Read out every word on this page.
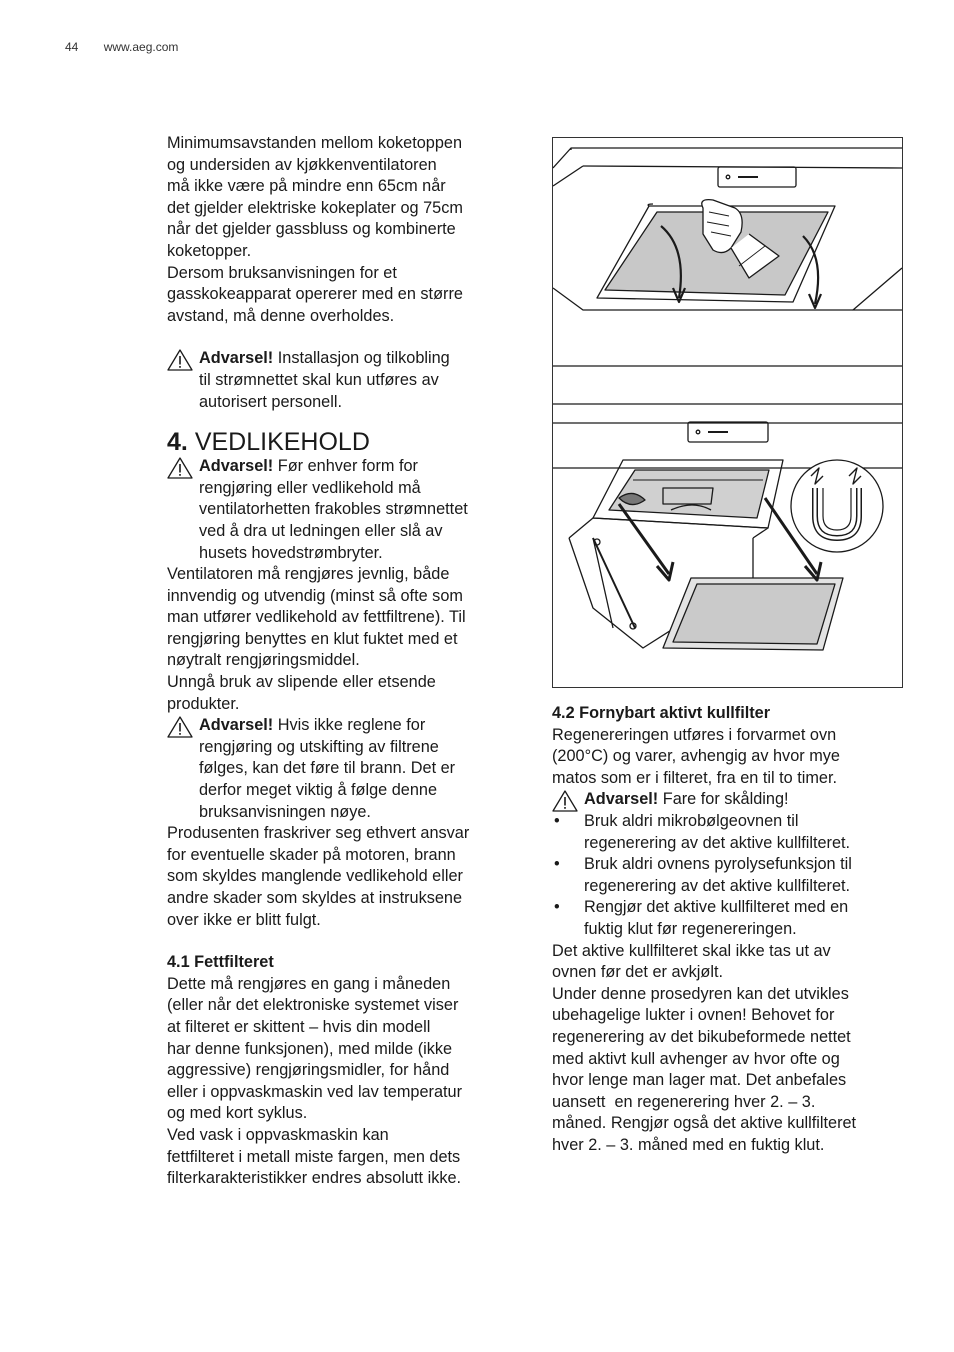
44 www.aeg.com

Minimumsavstanden mellom koketoppen
og undersiden av kjøkkenventilatoren
må ikke være på mindre enn 65cm når
det gjelder elektriske kokeplater og 75cm
når det gjelder gassbluss og kombinerte
koketopper.
Dersom bruksanvisningen for et
gasskokeapparat opererer med en større
avstand, må denne overholdes.

Advarsel! Installasjon og tilkobling
til strømnettet skal kun utføres av
autorisert personell.
4. VEDLIKEHOLD
Advarsel! Før enhver form for
rengjøring eller vedlikehold må
ventilatorhetten frakobles strømnettet
ved å dra ut ledningen eller slå av
husets hovedstrømbryter.

Ventilatoren må rengjøres jevnlig, både
innvendig og utvendig (minst så ofte som
man utfører vedlikehold av fettfiltrene). Til
rengjøring benyttes en klut fuktet med et
nøytralt rengjøringsmiddel.
Unngå bruk av slipende eller etsende
produkter.

Advarsel! Hvis ikke reglene for
rengjøring og utskifting av filtrene
følges, kan det føre til brann. Det er
derfor meget viktig å følge denne
bruksanvisningen nøye.

Produsenten fraskriver seg ethvert ansvar
for eventuelle skader på motoren, brann
som skyldes manglende vedlikehold eller
andre skader som skyldes at instruksene
over ikke er blitt fulgt.

4.1 Fettfilteret

Dette må rengjøres en gang i måneden
(eller når det elektroniske systemet viser
at filteret er skittent – hvis din modell
har denne funksjonen), med milde (ikke
aggressive) rengjøringsmidler, for hånd
eller i oppvaskmaskin ved lav temperatur
og med kort syklus.
Ved vask i oppvaskmaskin kan
fettfilteret i metall miste fargen, men dets
filterkarakteristikker endres absolutt ikke.

4.2 Fornybart aktivt kullfilter

Regenereringen utføres i forvarmet ovn
(200°C) og varer, avhengig av hvor mye
matos som er i filteret, fra en til to timer.

Advarsel! Fare for skålding!
• Bruk aldri mikrobølgeovnen til
regenerering av det aktive kullfilteret.
• Bruk aldri ovnens pyrolysefunksjon til
regenerering av det aktive kullfilteret.
• Rengjør det aktive kullfilteret med en
fuktig klut før regenereringen.

Det aktive kullfilteret skal ikke tas ut av
ovnen før det er avkjølt.
Under denne prosedyren kan det utvikles
ubehagelige lukter i ovnen! Behovet for
regenerering av det bikubeformede nettet
med aktivt kull avhenger av hvor ofte og
hvor lenge man lager mat. Det anbefales
uansett  en regenerering hver 2. – 3.
måned. Rengjør også det aktive kullfilteret
hver 2. – 3. måned med en fuktig klut.
